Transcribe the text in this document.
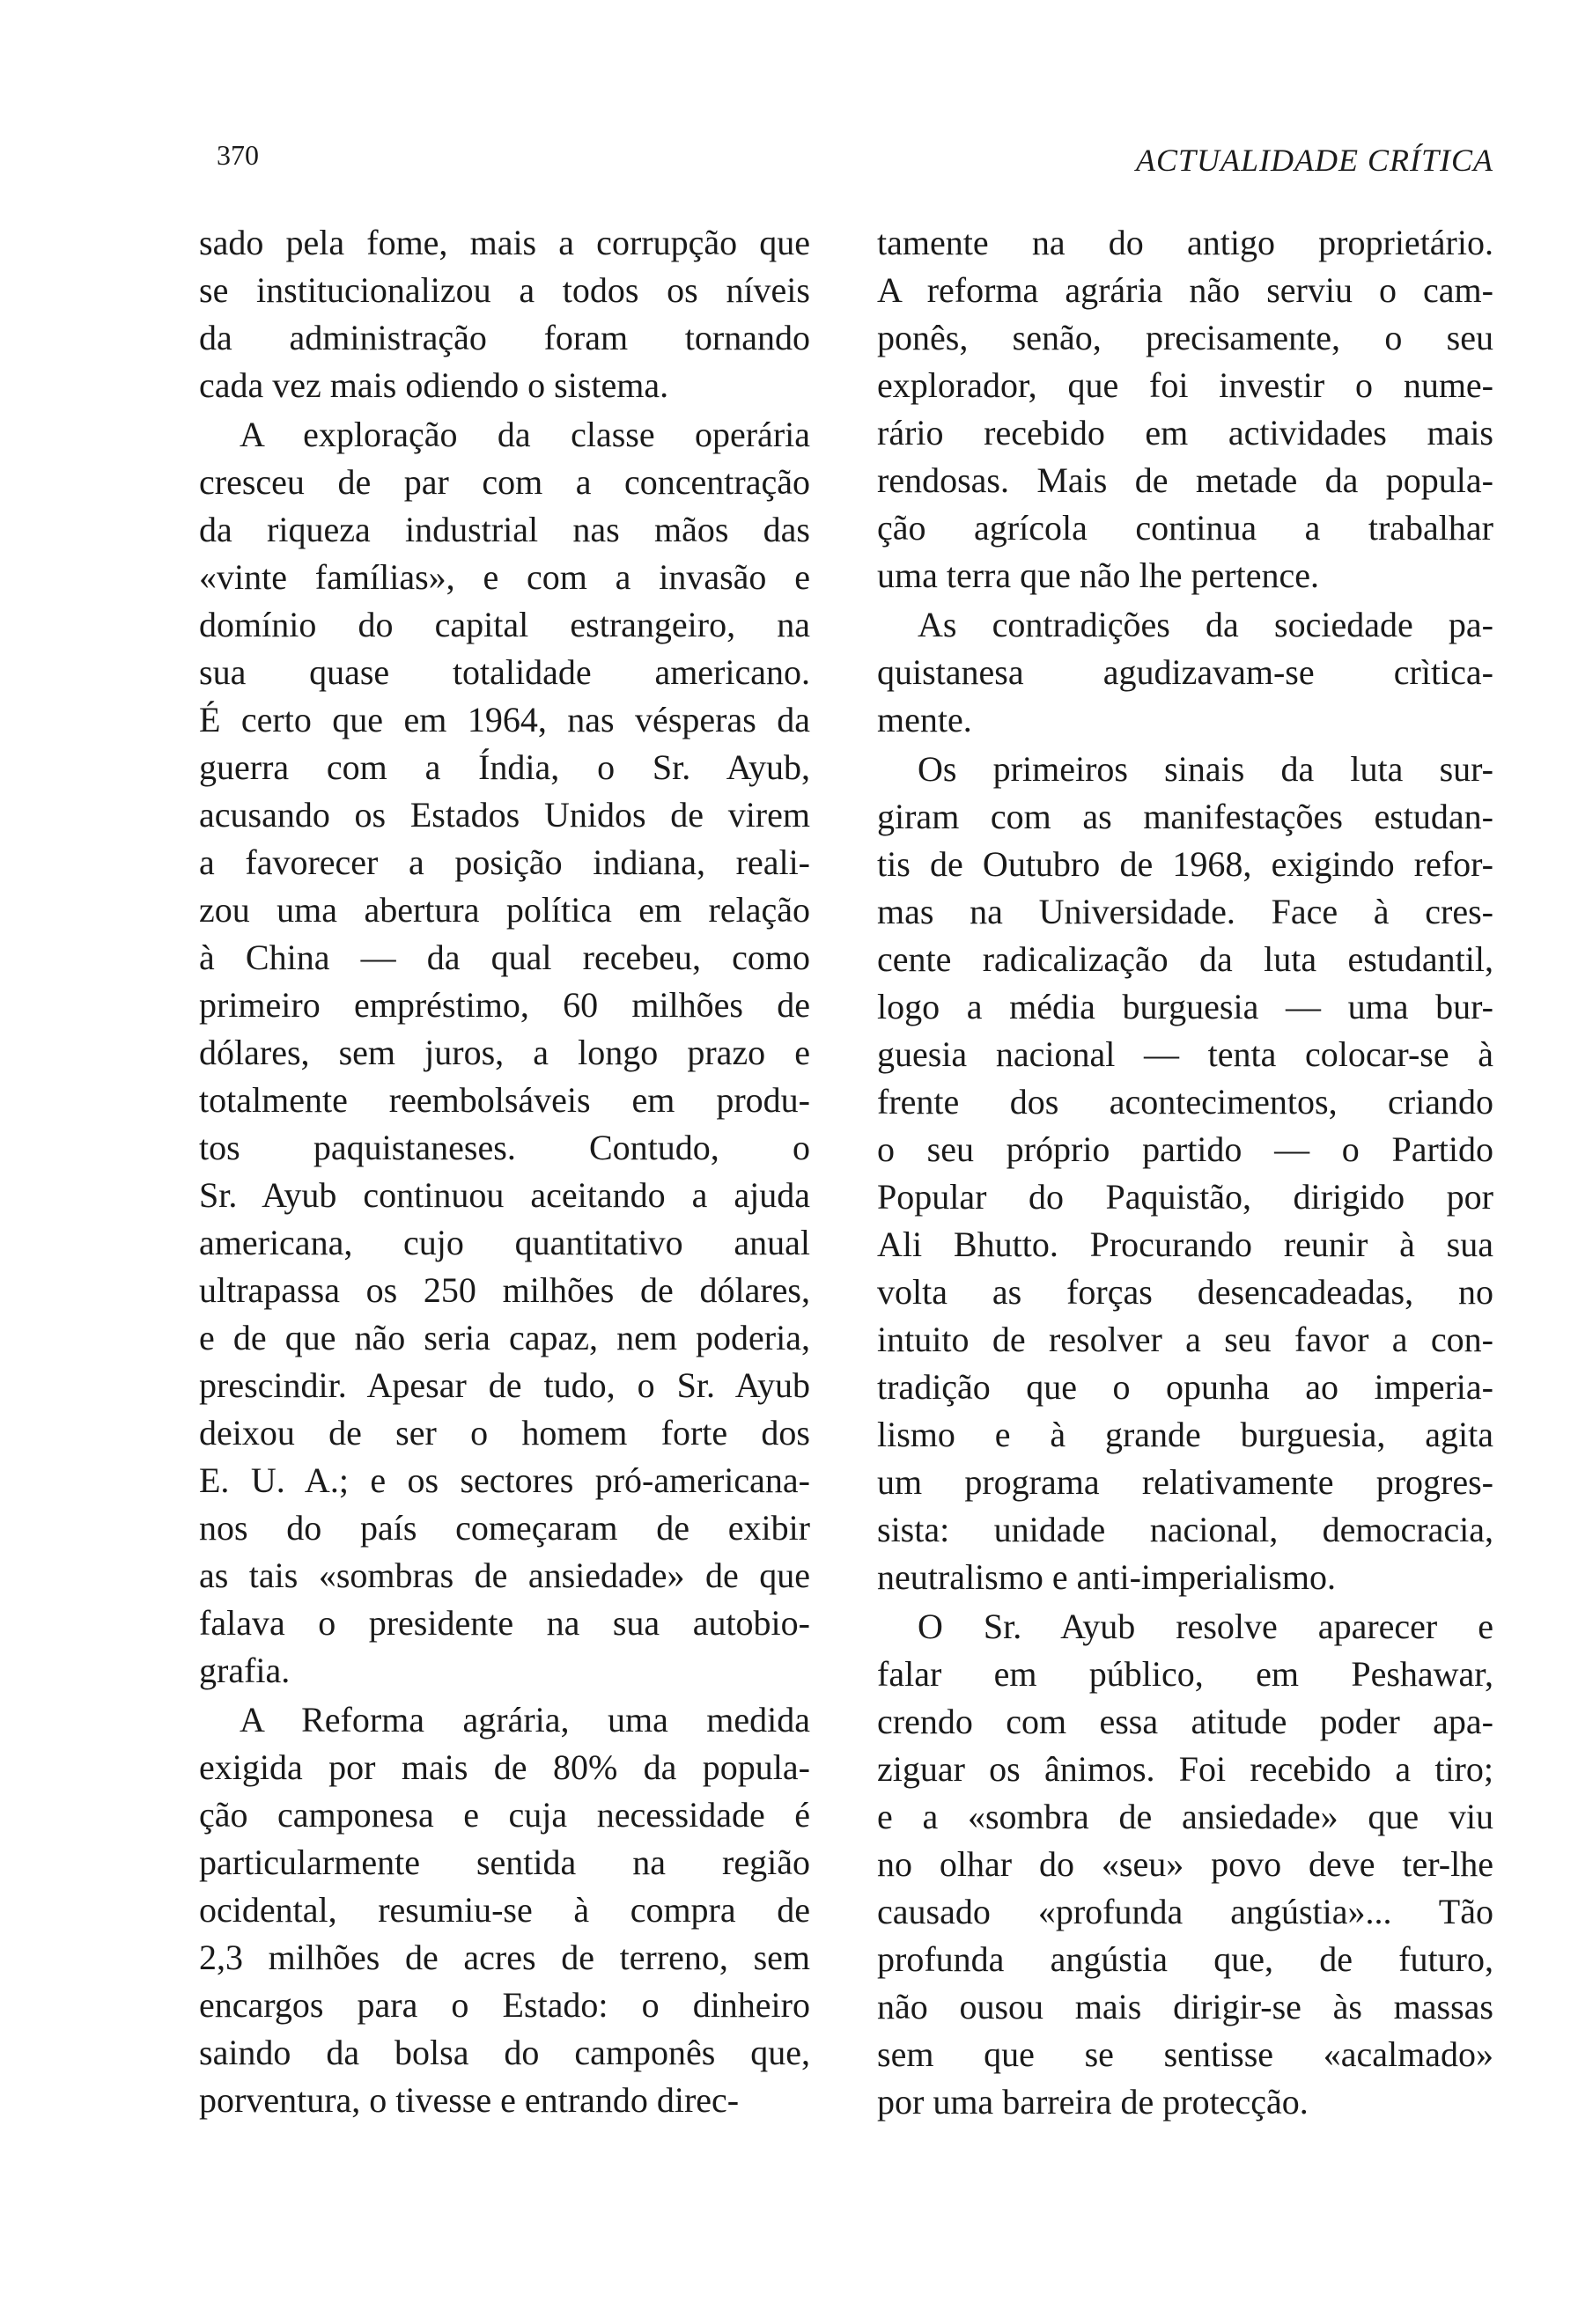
370	ACTUALIDADE CRÍTICA
sado pela fome, mais a corrupção que
se institucionalizou a todos os níveis
da administração foram tornando
cada vez mais odiendo o sistema.
A exploração da classe operária
cresceu de par com a concentração
da riqueza industrial nas mãos das
«vinte famílias», e com a invasão e
domínio do capital estrangeiro, na
sua quase totalidade americano.
É certo que em 1964, nas vésperas da
guerra com a Índia, o Sr. Ayub,
acusando os Estados Unidos de virem
a favorecer a posição indiana, reali-
zou uma abertura política em relação
à China — da qual recebeu, como
primeiro empréstimo, 60 milhões de
dólares, sem juros, a longo prazo e
totalmente reembolsáveis em produ-
tos paquistaneses. Contudo, o
Sr. Ayub continuou aceitando a ajuda
americana, cujo quantitativo anual
ultrapassa os 250 milhões de dólares,
e de que não seria capaz, nem poderia,
prescindir. Apesar de tudo, o Sr. Ayub
deixou de ser o homem forte dos
E. U. A.; e os sectores pró-americana-
nos do país começaram de exibir
as tais «sombras de ansiedade» de que
falava o presidente na sua autobio-
grafia.
A Reforma agrária, uma medida
exigida por mais de 80% da popula-
ção camponesa e cuja necessidade é
particularmente sentida na região
ocidental, resumiu-se à compra de
2,3 milhões de acres de terreno, sem
encargos para o Estado: o dinheiro
saindo da bolsa do camponês que,
porventura, o tivesse e entrando direc-
tamente na do antigo proprietário.
A reforma agrária não serviu o cam-
ponês, senão, precisamente, o seu
explorador, que foi investir o nume-
rário recebido em actividades mais
rendosas. Mais de metade da popula-
ção agrícola continua a trabalhar
uma terra que não lhe pertence.
As contradições da sociedade pa-
quistanesa agudizavam-se crìtica-
mente.
Os primeiros sinais da luta sur-
giram com as manifestações estudan-
tis de Outubro de 1968, exigindo refor-
mas na Universidade. Face à cres-
cente radicalização da luta estudantil,
logo a média burguesia — uma bur-
guesia nacional — tenta colocar-se à
frente dos acontecimentos, criando
o seu próprio partido — o Partido
Popular do Paquistão, dirigido por
Ali Bhutto. Procurando reunir à sua
volta as forças desencadeadas, no
intuito de resolver a seu favor a con-
tradição que o opunha ao imperia-
lismo e à grande burguesia, agita
um programa relativamente progres-
sista: unidade nacional, democracia,
neutralismo e anti-imperialismo.
O Sr. Ayub resolve aparecer e
falar em público, em Peshawar,
crendo com essa atitude poder apa-
ziguar os ânimos. Foi recebido a tiro;
e a «sombra de ansiedade» que viu
no olhar do «seu» povo deve ter-lhe
causado «profunda angústia»... Tão
profunda angústia que, de futuro,
não ousou mais dirigir-se às massas
sem que se sentisse «acalmado»
por uma barreira de protecção.
